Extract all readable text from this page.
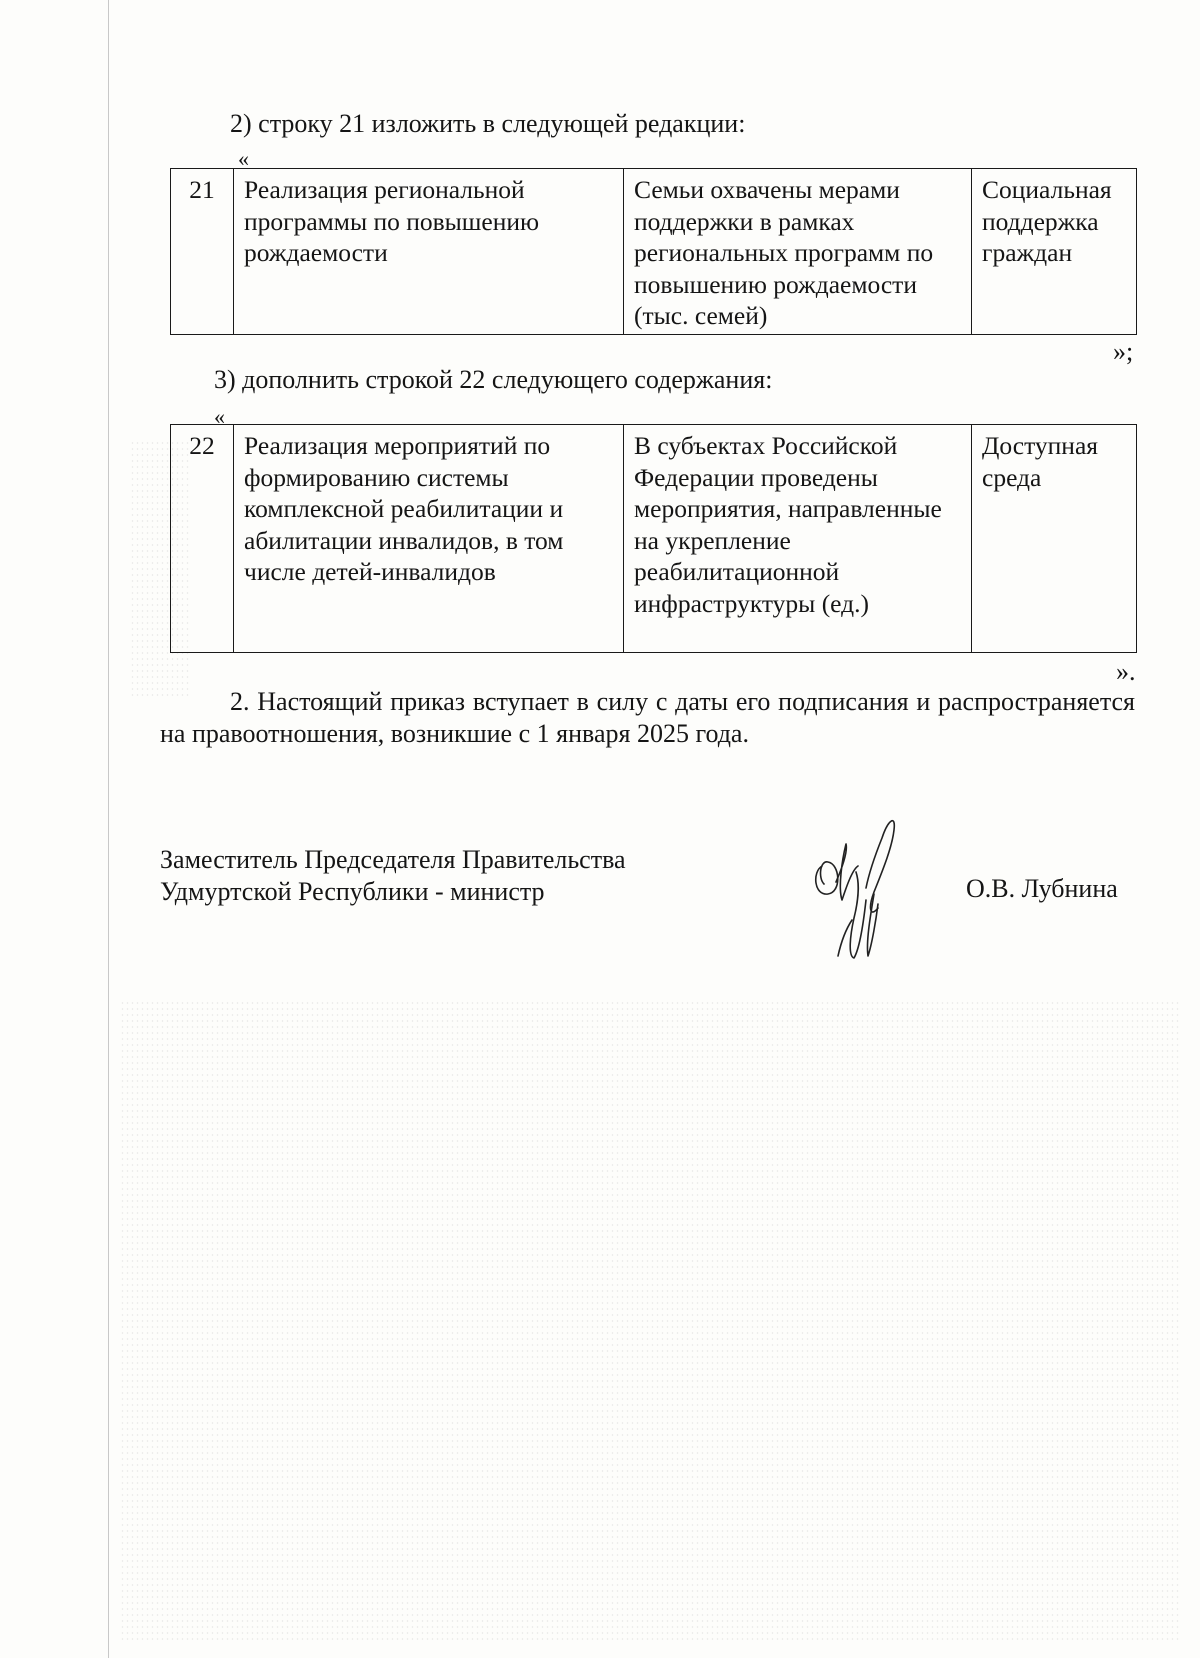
2) строку 21 изложить в следующей редакции:
«
21	Реализация региональной программы по повышению рождаемости	Семьи охвачены мерами поддержки в рамках региональных программ по повышению рождаемости (тыс. семей)	Социальная поддержка граждан
»;
3) дополнить строкой 22 следующего содержания:
«
22	Реализация мероприятий по формированию системы комплексной реабилитации и абилитации инвалидов, в том числе детей-инвалидов	В субъектах Российской Федерации проведены мероприятия, направленные на укрепление реабилитационной инфраструктуры (ед.)	Доступная среда
».
2. Настоящий приказ вступает в силу с даты его подписания и распространяется на правоотношения, возникшие с 1 января 2025 года.
Заместитель Председателя Правительства
Удмуртской Республики - министр	О.В. Лубнина
